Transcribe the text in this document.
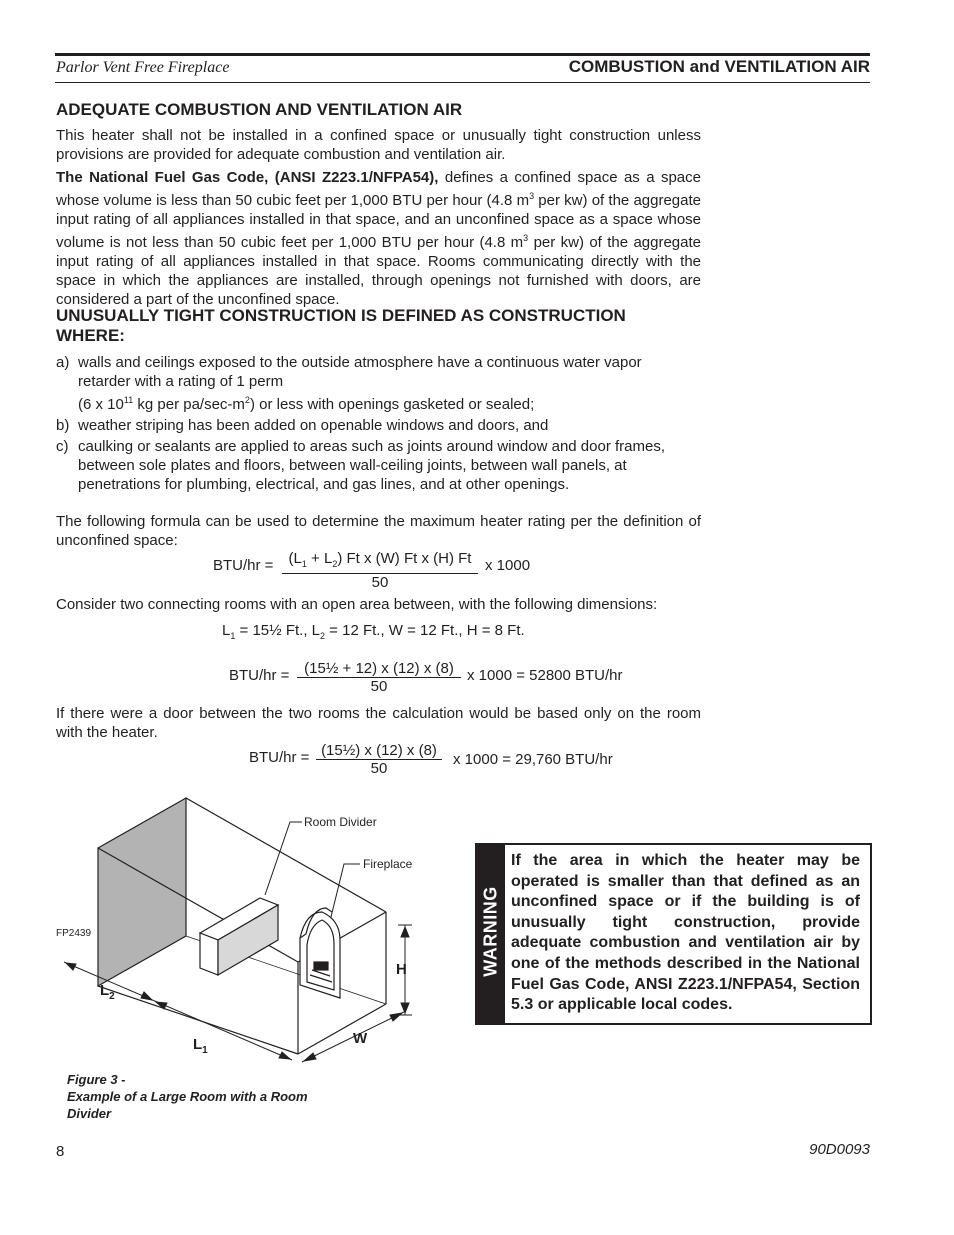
Parlor Vent Free Fireplace	COMBUSTION and VENTILATION AIR
ADEQUATE COMBUSTION AND VENTILATION AIR
This heater shall not be installed in a confined space or unusually tight construction unless provisions are provided for adequate combustion and ventilation air.
The National Fuel Gas Code, (ANSI Z223.1/NFPA54), defines a confined space as a space whose volume is less than 50 cubic feet per 1,000 BTU per hour (4.8 $m^3$ per kw) of the aggregate input rating of all appliances installed in that space, and an unconfined space as a space whose volume is not less than 50 cubic feet per 1,000 BTU per hour (4.8 $m^3$ per kw) of the aggregate input rating of all appliances installed in that space. Rooms communicating directly with the space in which the appliances are installed, through openings not furnished with doors, are considered a part of the unconfined space.
UNUSUALLY TIGHT CONSTRUCTION IS DEFINED AS CONSTRUCTION WHERE:
a) walls and ceilings exposed to the outside atmosphere have a continuous water vapor
retarder with a rating of 1 perm
(6 x $10^{11}$ kg per $pa/\sec-m^2$) or less with openings gasketed or sealed;
b) weather striping has been added on openable windows and doors, and
c) caulking or sealants are applied to areas such as joints around window and door frames, between sole plates and floors, between wall-ceiling joints, between wall panels, at penetrations for plumbing, electrical, and gas lines, and at other openings.
The following formula can be used to determine the maximum heater rating per the definition of unconfined space:
$BTU/hr = \frac{(L_1 + L_2) Ft x (W) Ft x (H) Ft}{50}$ x 1000
Consider two connecting rooms with an open area between, with the following dimensions:
$L_1$ = 15½ Ft., $L_2 = 12$ Ft., W = 12 Ft., H = 8 Ft.
$BTU/hr = \frac{\text{(15½ + 12) x (12) x (8)}}{50}$ x 1000 = 52800 BTU/hr
If there were a door between the two rooms the calculation would be based only on the room with the heater.
$BTU/hr = \frac{\text{(15½) x (12) x (8)}}{50}$ x 1000 = 29,760 BTU/hr
Room Divider
Fireplace
FP2439
H
W
$L_2$
$L_1$
Figure 3 -
Example of a Large Room with a Room
Divider
WARNING
If the area in which the heater may be operated is smaller than that defined as an unconfined space or if the building is of unusually tight construction, provide adequate combustion and ventilation air by one of the methods described in the National Fuel Gas Code, ANSI Z223.1/NFPA54, Section 5.3 or applicable local codes.
8	90D0093
